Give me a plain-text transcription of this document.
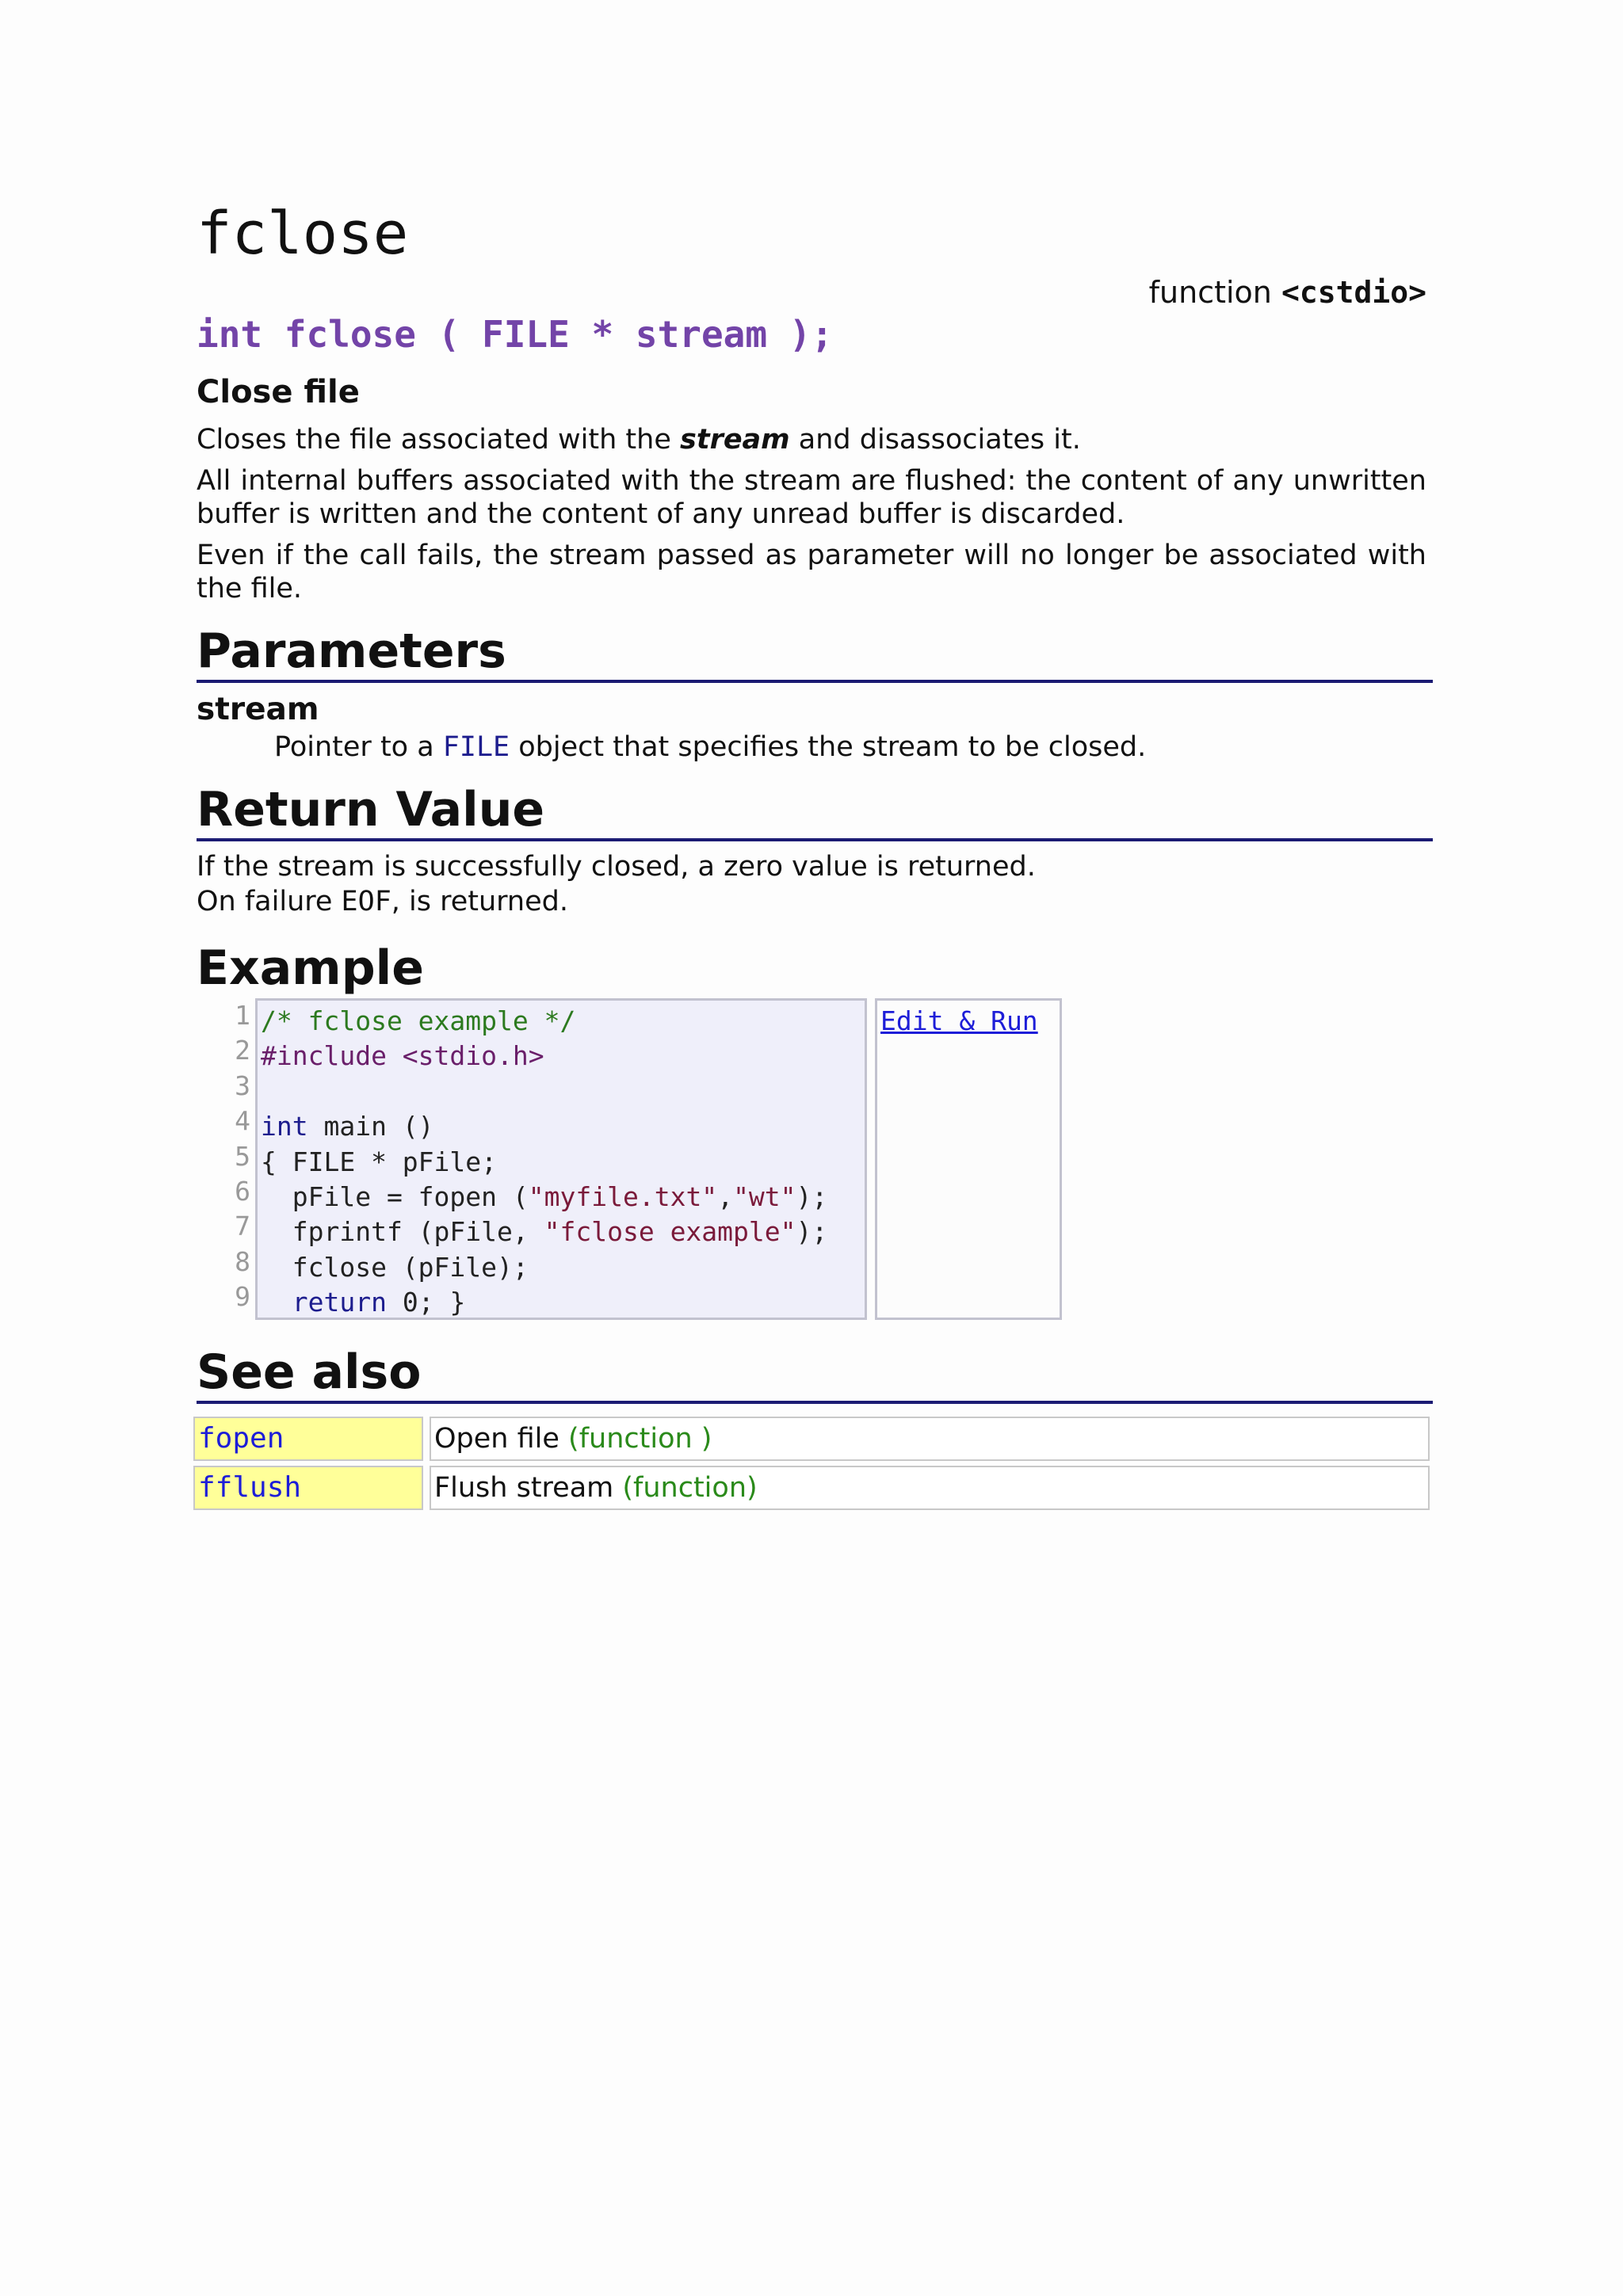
fclose
function <cstdio>
int fclose ( FILE * stream );
Close file

Closes the file associated with the stream and disassociates it.

All internal buffers associated with the stream are flushed: the content of any unwritten buffer is written and the content of any unread buffer is discarded.

Even if the call fails, the stream passed as parameter will no longer be associated with the file.

Parameters
stream
Pointer to a FILE object that specifies the stream to be closed.
Return Value
If the stream is successfully closed, a zero value is returned.
On failure EOF, is returned.
Example
1
2
3
4
5
6
7
8
9
/* fclose example */
#include <stdio.h>

int main ()
{ FILE * pFile;
pFile = fopen ("myfile.txt","wt");
fprintf (pFile, "fclose example");
fclose (pFile);
return 0; }
Edit & Run
See also
fopen	Open file (function )
fflush	Flush stream (function)
